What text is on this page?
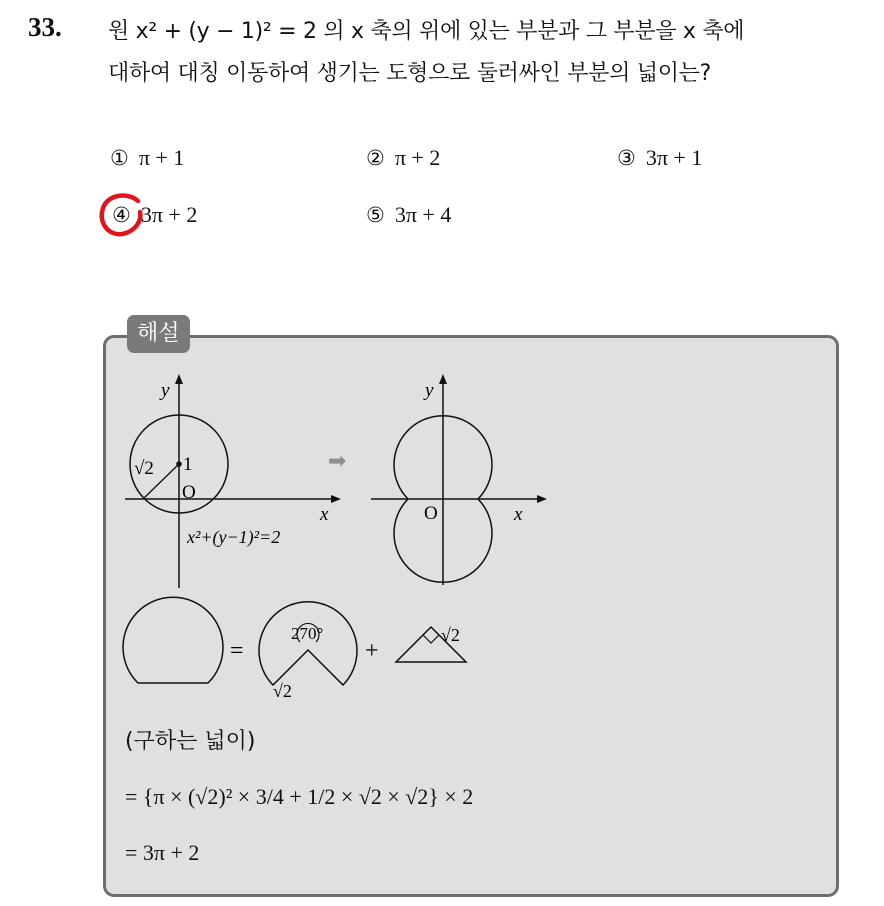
33. 원 x² + (y − 1)² = 2 의 x 축의 위에 있는 부분과 그 부분을 x 축에
대하여 대칭 이동하여 생기는 도형으로 둘러싸인 부분의 넓이는?
① π + 1	② π + 2	③ 3π + 1
④ 3π + 2	⑤ 3π + 4
해설
y
x
O
1
√2
x²+(y−1)²=2
➡
y
x
O
=
270°
√2
+
√2
(구하는 넓이)
= {π × (√2)² × 3/4 + 1/2 × √2 × √2} × 2
= 3π + 2
